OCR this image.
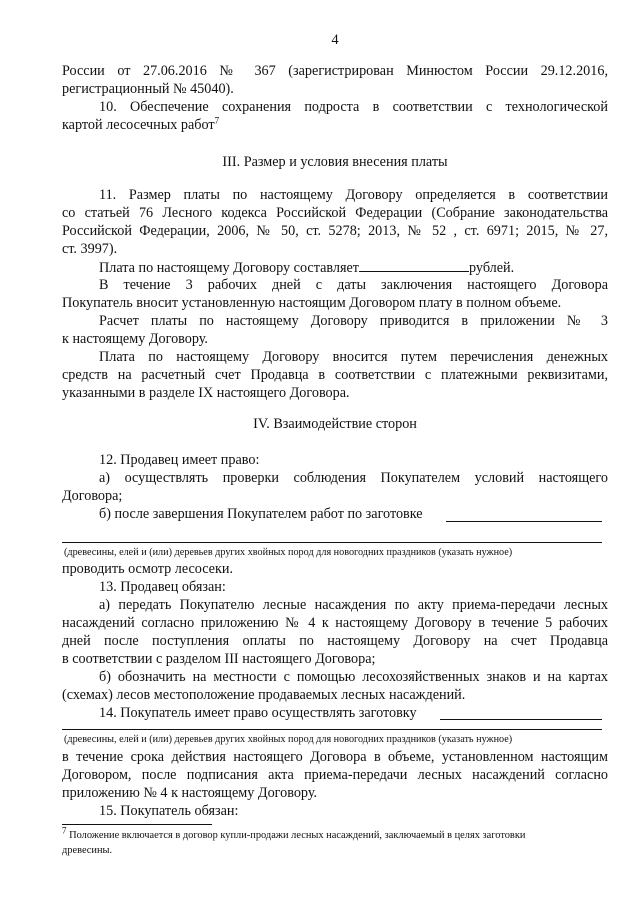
4
России от 27.06.2016 № 367 (зарегистрирован Минюстом России 29.12.2016,
регистрационный № 45040).
10. Обеспечение сохранения подроста в соответствии с технологической
картой лесосечных работ$^7$
III. Размер и условия внесения платы
11. Размер платы по настоящему Договору определяется в соответствии
со статьей 76 Лесного кодекса Российской Федерации (Собрание законодательства
Российской Федерации, 2006, № 50, ст. 5278; 2013, № 52 , ст. 6971; 2015, № 27,
ст. 3997).
Плата по настоящему Договору составляет	рублей.
В течение 3 рабочих дней с даты заключения настоящего Договора
Покупатель вносит установленную настоящим Договором плату в полном объеме.
Расчет платы по настоящему Договору приводится в приложении № 3
к настоящему Договору.
Плата по настоящему Договору вносится путем перечисления денежных
средств на расчетный счет Продавца в соответствии с платежными реквизитами,
указанными в разделе IX настоящего Договора.
IV. Взаимодействие сторон
12. Продавец имеет право:
а) осуществлять проверки соблюдения Покупателем условий настоящего
Договора;
б) после завершения Покупателем работ по заготовке
(древесины, елей и (или) деревьев других хвойных пород для новогодних праздников (указать нужное)
проводить осмотр лесосеки.
13. Продавец обязан:
а) передать Покупателю лесные насаждения по акту приема-передачи лесных
насаждений согласно приложению № 4 к настоящему Договору в течение 5 рабочих
дней после поступления оплаты по настоящему Договору на счет Продавца
в соответствии с разделом III настоящего Договора;
б) обозначить на местности с помощью лесохозяйственных знаков и на картах
(схемах) лесов местоположение продаваемых лесных насаждений.
14. Покупатель имеет право осуществлять заготовку
(древесины, елей и (или) деревьев других хвойных пород для новогодних праздников (указать нужное)
в течение срока действия настоящего Договора в объеме, установленном настоящим
Договором, после подписания акта приема-передачи лесных насаждений согласно
приложению № 4 к настоящему Договору.
15. Покупатель обязан:
$^7$ Положение включается в договор купли-продажи лесных насаждений, заключаемый в целях заготовки
древесины.
